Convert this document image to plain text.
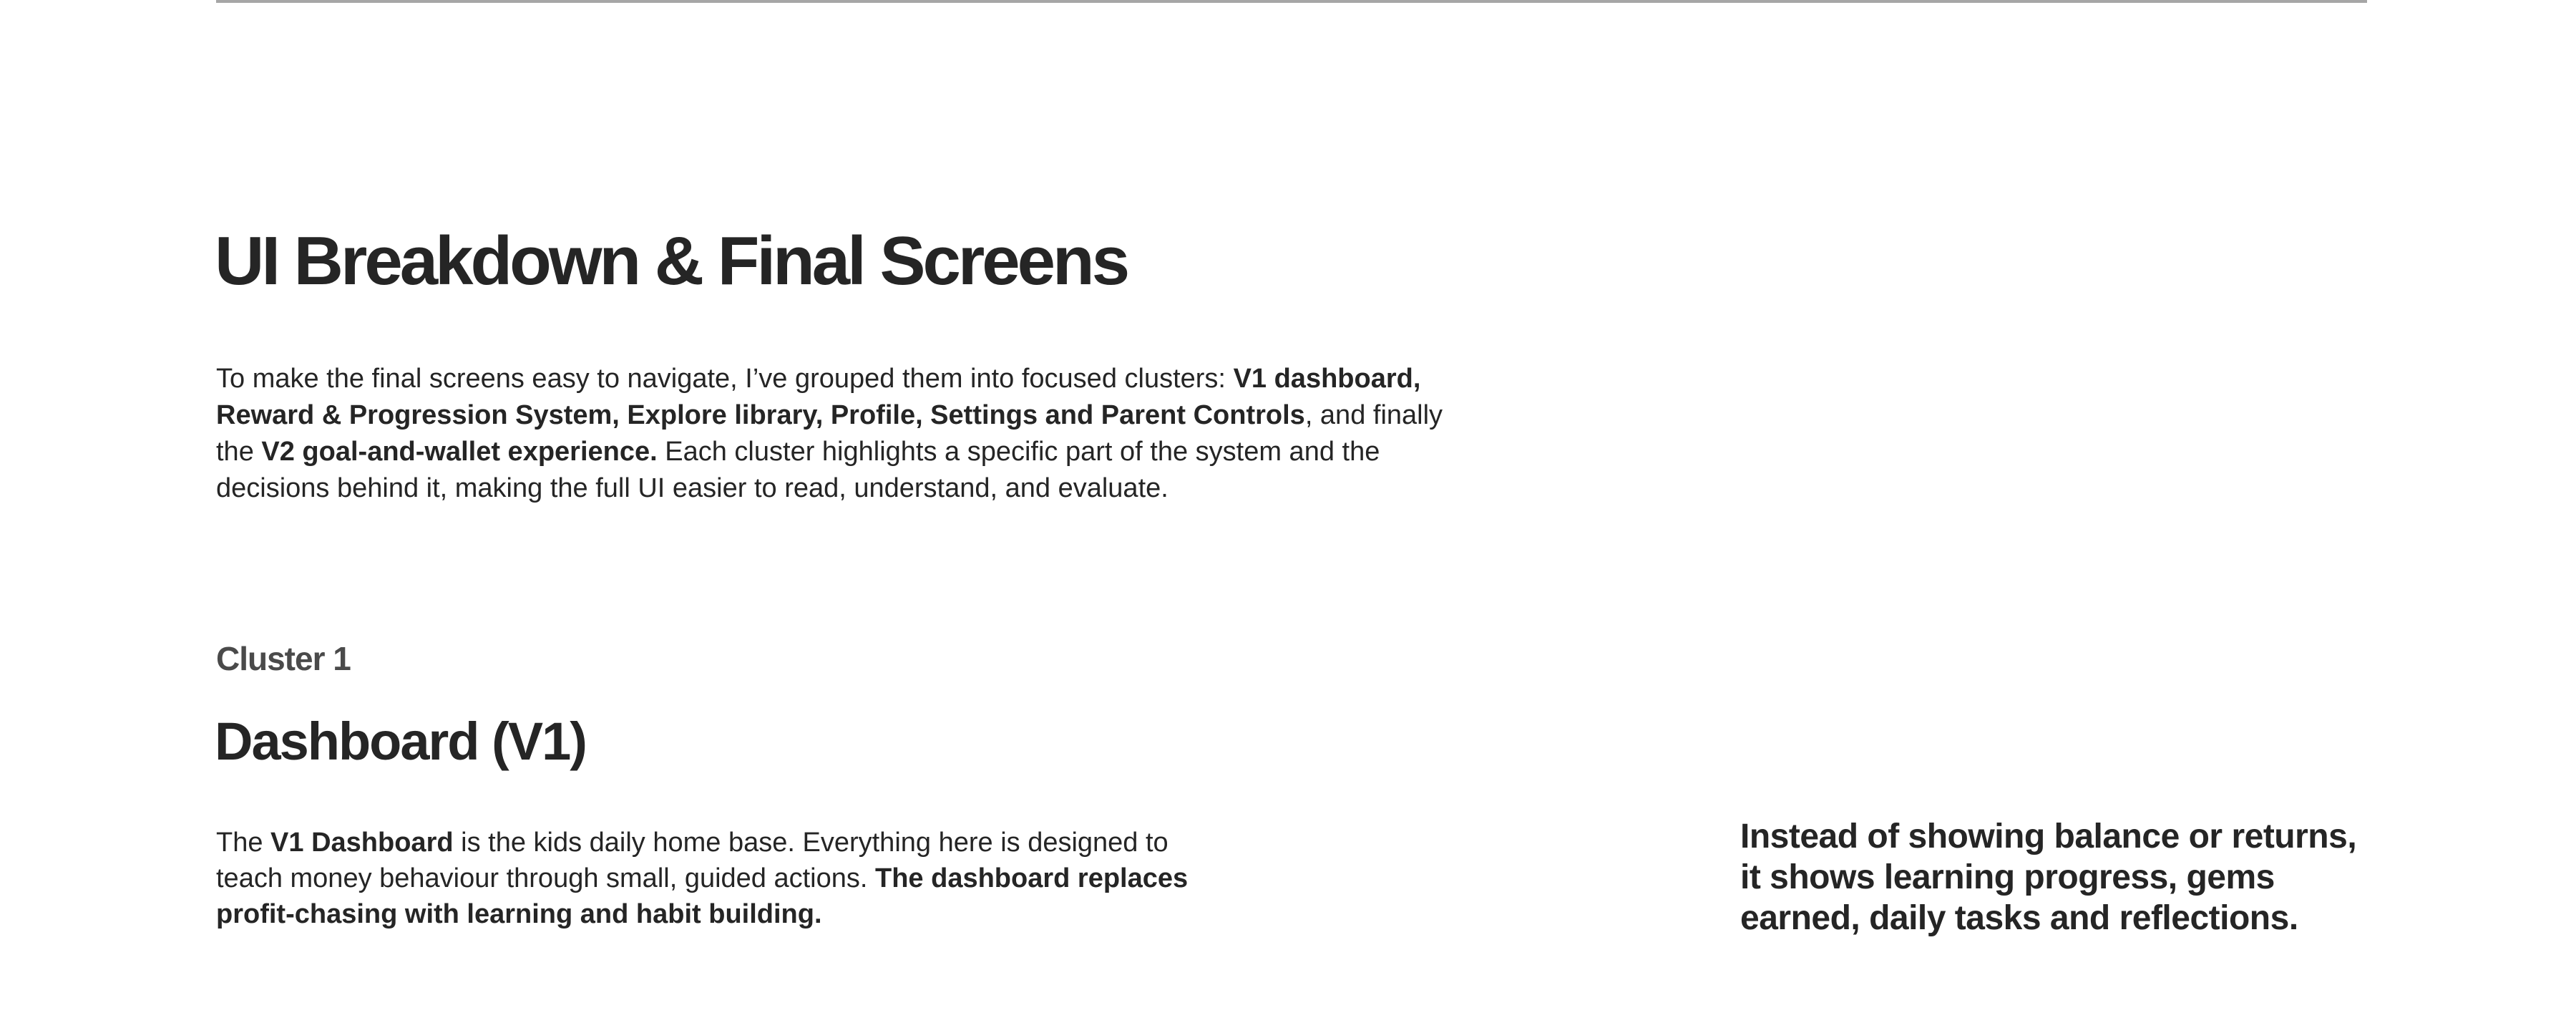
UI Breakdown & Final Screens

To make the final screens easy to navigate, I’ve grouped them into focused clusters: V1 dashboard, Reward & Progression System, Explore library, Profile, Settings and Parent Controls, and finally the V2 goal-and-wallet experience. Each cluster highlights a specific part of the system and the decisions behind it, making the full UI easier to read, understand, and evaluate.

Cluster 1
Dashboard (V1)

The V1 Dashboard is the kids daily home base. Everything here is designed to teach money behaviour through small, guided actions. The dashboard replaces profit-chasing with learning and habit building.

Instead of showing balance or returns, it shows learning progress, gems earned, daily tasks and reflections.
